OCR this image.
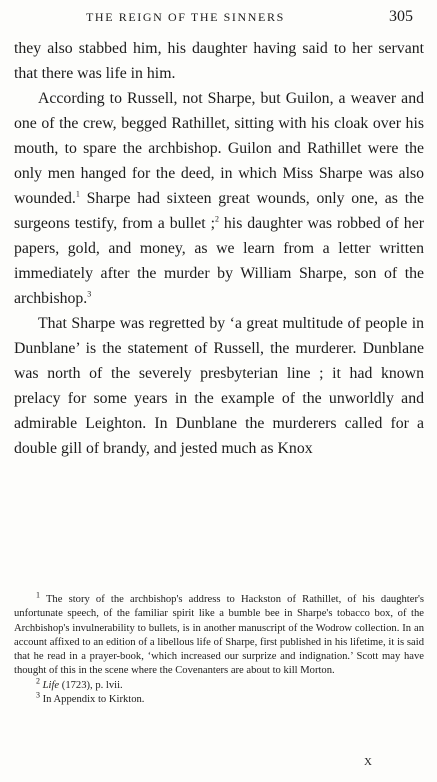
THE REIGN OF THE SINNERS	305

they also stabbed him, his daughter having said to her servant that there was life in him.

According to Russell, not Sharpe, but Guilon, a weaver and one of the crew, begged Rathillet, sitting with his cloak over his mouth, to spare the archbishop. Guilon and Rathillet were the only men hanged for the deed, in which Miss Sharpe was also wounded.$^1$ Sharpe had sixteen great wounds, only one, as the surgeons testify, from a bullet ;$^2$ his daughter was robbed of her papers, gold, and money, as we learn from a letter written immediately after the murder by William Sharpe, son of the archbishop.$^3$

That Sharpe was regretted by ‘a great multitude of people in Dunblane’ is the statement of Russell, the murderer. Dunblane was north of the severely presbyterian line ; it had known prelacy for some years in the example of the unworldly and admirable Leighton. In Dunblane the murderers called for a double gill of brandy, and jested much as Knox

$^1$ The story of the archbishop's address to Hackston of Rathillet, of his daughter's unfortunate speech, of the familiar spirit like a bumble bee in Sharpe's tobacco box, of the Archbishop's invulnerability to bullets, is in another manuscript of the Wodrow collection. In an account affixed to an edition of a libellous life of Sharpe, first published in his lifetime, it is said that he read in a prayer-book, ‘which increased our surprize and indignation.’ Scott may have thought of this in the scene where the Covenanters are about to kill Morton.

$^2$ Life (1723), p. lvii.

$^3$ In Appendix to Kirkton.

X
